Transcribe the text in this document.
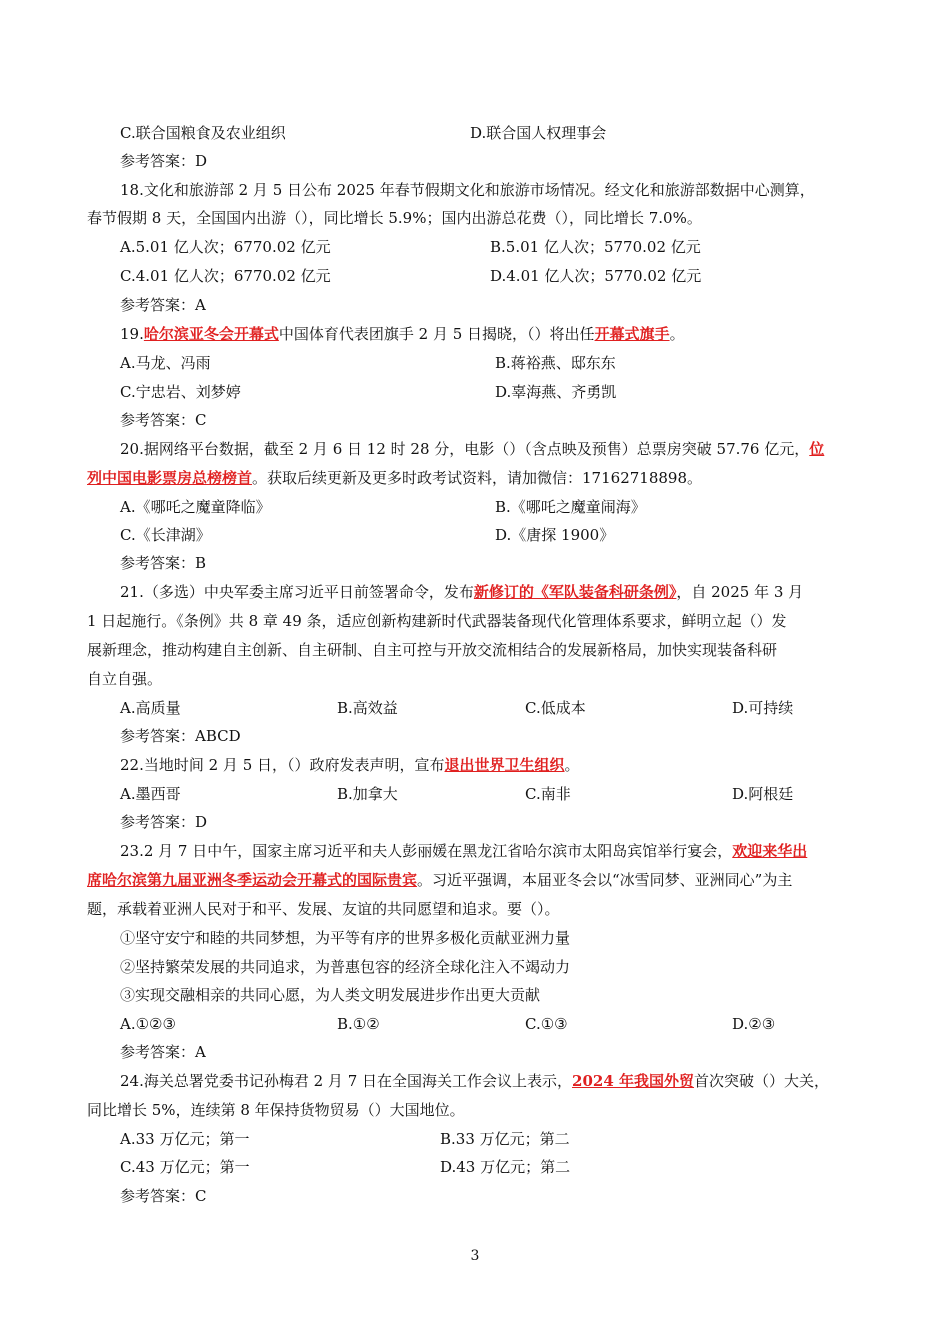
C.联合国粮食及农业组织	D.联合国人权理事会
参考答案：D
18.文化和旅游部 2 月 5 日公布 2025 年春节假期文化和旅游市场情况。经文化和旅游部数据中心测算，
春节假期 8 天，全国国内出游（），同比增长 5.9%；国内出游总花费（），同比增长 7.0%。
A.5.01 亿人次；6770.02 亿元	B.5.01 亿人次；5770.02 亿元
C.4.01 亿人次；6770.02 亿元	D.4.01 亿人次；5770.02 亿元
参考答案：A
19.哈尔滨亚冬会开幕式中国体育代表团旗手 2 月 5 日揭晓，（）将出任开幕式旗手。
A.马龙、冯雨	B.蒋裕燕、邸东东
C.宁忠岩、刘梦婷	D.辜海燕、齐勇凯
参考答案：C
20.据网络平台数据，截至 2 月 6 日 12 时 28 分，电影（）（含点映及预售）总票房突破 57.76 亿元，位
列中国电影票房总榜榜首。获取后续更新及更多时政考试资料，请加微信：17162718898。
A.《哪吒之魔童降临》	B.《哪吒之魔童闹海》
C.《长津湖》	D.《唐探 1900》
参考答案：B
21.（多选）中央军委主席习近平日前签署命令，发布新修订的《军队装备科研条例》，自 2025 年 3 月
1 日起施行。《条例》共 8 章 49 条，适应创新构建新时代武器装备现代化管理体系要求，鲜明立起（）发
展新理念，推动构建自主创新、自主研制、自主可控与开放交流相结合的发展新格局，加快实现装备科研
自立自强。
A.高质量	B.高效益	C.低成本	D.可持续
参考答案：ABCD
22.当地时间 2 月 5 日，（）政府发表声明，宣布退出世界卫生组织。
A.墨西哥	B.加拿大	C.南非	D.阿根廷
参考答案：D
23.2 月 7 日中午，国家主席习近平和夫人彭丽媛在黑龙江省哈尔滨市太阳岛宾馆举行宴会，欢迎来华出
席哈尔滨第九届亚洲冬季运动会开幕式的国际贵宾。习近平强调，本届亚冬会以“冰雪同梦、亚洲同心”为主
题，承载着亚洲人民对于和平、发展、友谊的共同愿望和追求。要（）。
①坚守安宁和睦的共同梦想，为平等有序的世界多极化贡献亚洲力量
②坚持繁荣发展的共同追求，为普惠包容的经济全球化注入不竭动力
③实现交融相亲的共同心愿，为人类文明发展进步作出更大贡献
A.①②③	B.①②	C.①③	D.②③
参考答案：A
24.海关总署党委书记孙梅君 2 月 7 日在全国海关工作会议上表示，2024 年我国外贸首次突破（）大关，
同比增长 5%，连续第 8 年保持货物贸易（）大国地位。
A.33 万亿元；第一	B.33 万亿元；第二
C.43 万亿元；第一	D.43 万亿元；第二
参考答案：C
3
